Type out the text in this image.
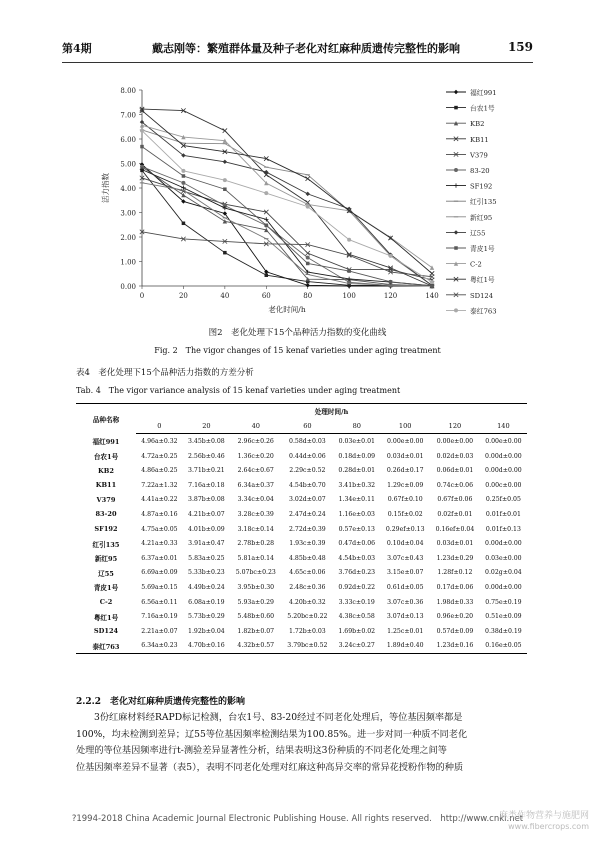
第4期	戴志刚等：繁殖群体量及种子老化对红麻种质遗传完整性的影响	159
0.00
1.00
2.00
3.00
4.00
5.00
6.00
7.00
8.00
0	20	40	60	80	100	120	140
老化时间/h
活力指数
福红991
台农1号
KB2
KB11
V379
83-20
SF192
红引135
新红95
辽55
青皮1号
C-2
粤红1号
SD124
泰红763
图2　老化处理下15个品种活力指数的变化曲线
Fig. 2　The vigor changes of 15 kenaf varieties under aging treatment
表4　老化处理下15个品种活力指数的方差分析
Tab. 4　The vigor variance analysis of 15 kenaf varieties under aging treatment
品种名称	处理时间/h							
	0	20	40	60	80	100	120	140
福红991	4.96a±0.32	3.45b±0.08	2.96c±0.26	0.58d±0.03	0.03e±0.01	0.00e±0.00	0.00e±0.00	0.00e±0.00
台农1号	4.72a±0.25	2.56b±0.46	1.36c±0.20	0.44d±0.06	0.18d±0.09	0.03d±0.01	0.02d±0.03	0.00d±0.00
KB2	4.86a±0.25	3.71b±0.21	2.64c±0.67	2.29c±0.52	0.28d±0.01	0.26d±0.17	0.06d±0.01	0.00d±0.00
KB11	7.22a±1.32	7.16a±0.18	6.34a±0.37	4.54b±0.70	3.41b±0.32	1.29c±0.09	0.74c±0.06	0.00c±0.00
V379	4.41a±0.22	3.87b±0.08	3.34c±0.04	3.02d±0.07	1.34e±0.11	0.67f±0.10	0.67f±0.06	0.25f±0.05
83-20	4.87a±0.16	4.21b±0.07	3.28c±0.39	2.47d±0.24	1.16e±0.03	0.15f±0.02	0.02f±0.01	0.01f±0.01
SF192	4.75a±0.05	4.01b±0.09	3.18c±0.14	2.72d±0.39	0.57e±0.13	0.29ef±0.13	0.16ef±0.04	0.01f±0.13
红引135	4.21a±0.33	3.91a±0.47	2.78b±0.28	1.93c±0.39	0.47d±0.06	0.10d±0.04	0.03d±0.01	0.00d±0.00
新红95	6.37a±0.01	5.83a±0.25	5.81a±0.14	4.85b±0.48	4.54b±0.03	3.07c±0.43	1.23d±0.29	0.03e±0.00
辽55	6.69a±0.09	5.33b±0.23	5.07bc±0.23	4.65c±0.06	3.76d±0.23	3.15e±0.07	1.28f±0.12	0.02g±0.04
青皮1号	5.69a±0.15	4.49b±0.24	3.95b±0.30	2.48c±0.36	0.92d±0.22	0.61d±0.05	0.17d±0.06	0.00d±0.00
C-2	6.56a±0.11	6.08a±0.19	5.93a±0.29	4.20b±0.32	3.33c±0.19	3.07c±0.36	1.98d±0.33	0.75e±0.19
粤红1号	7.16a±0.19	5.73b±0.29	5.48b±0.60	5.20bc±0.22	4.38c±0.58	3.07d±0.13	0.96e±0.20	0.51e±0.09
SD124	2.21a±0.07	1.92b±0.04	1.82b±0.07	1.72b±0.03	1.69b±0.02	1.25c±0.01	0.57d±0.09	0.38d±0.19
泰红763	6.34a±0.23	4.70b±0.16	4.32b±0.57	3.79bc±0.52	3.24c±0.27	1.89d±0.40	1.23d±0.16	0.16e±0.05
2.2.2　老化对红麻种质遗传完整性的影响
3份红麻材料经RAPD标记检测，台农1号、83-20经过不同老化处理后，等位基因频率都是
100%，均未检测到差异；辽55等位基因频率检测结果为100.85%。进一步对同一种质不同老化
处理的等位基因频率进行t-测验差异显著性分析，结果表明这3份种质的不同老化处理之间等
位基因频率差异不显著（表5），表明不同老化处理对红麻这种高异交率的常异花授粉作物的种质
?1994-2018 China Academic Journal Electronic Publishing House. All rights reserved.　http://www.cnki.net
麻类作物营养与施肥网
www.fibercrops.com
